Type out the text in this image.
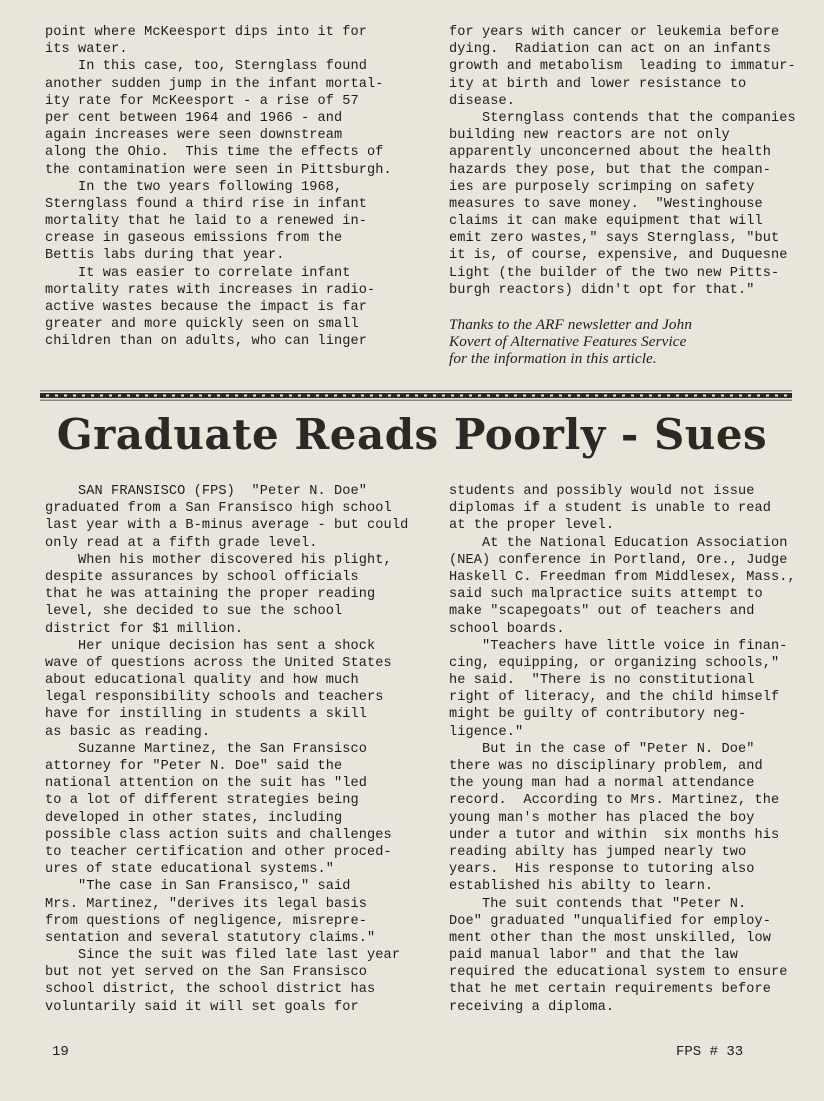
point where McKeesport dips into it for
its water.
In this case, too, Sternglass found
another sudden jump in the infant mortal-
ity rate for McKeesport - a rise of 57
per cent between 1964 and 1966 - and
again increases were seen downstream
along the Ohio.  This time the effects of
the contamination were seen in Pittsburgh.
In the two years following 1968,
Sternglass found a third rise in infant
mortality that he laid to a renewed in-
crease in gaseous emissions from the
Bettis labs during that year.
It was easier to correlate infant
mortality rates with increases in radio-
active wastes because the impact is far
greater and more quickly seen on small
children than on adults, who can linger
for years with cancer or leukemia before
dying.  Radiation can act on an infants
growth and metabolism  leading to immatur-
ity at birth and lower resistance to
disease.
Sternglass contends that the companies
building new reactors are not only
apparently unconcerned about the health
hazards they pose, but that the compan-
ies are purposely scrimping on safety
measures to save money.  "Westinghouse
claims it can make equipment that will
emit zero wastes," says Sternglass, "but
it is, of course, expensive, and Duquesne
Light (the builder of the two new Pitts-
burgh reactors) didn't opt for that."
Thanks to the ARF newsletter and John
Kovert of Alternative Features Service
for the information in this article.
Graduate Reads Poorly - Sues
SAN FRANSISCO (FPS)  "Peter N. Doe"
graduated from a San Fransisco high school
last year with a B-minus average - but could
only read at a fifth grade level.
When his mother discovered his plight,
despite assurances by school officials
that he was attaining the proper reading
level, she decided to sue the school
district for $1 million.
Her unique decision has sent a shock
wave of questions across the United States
about educational quality and how much
legal responsibility schools and teachers
have for instilling in students a skill
as basic as reading.
Suzanne Martinez, the San Fransisco
attorney for "Peter N. Doe" said the
national attention on the suit has "led
to a lot of different strategies being
developed in other states, including
possible class action suits and challenges
to teacher certification and other proced-
ures of state educational systems."
"The case in San Fransisco," said
Mrs. Martinez, "derives its legal basis
from questions of negligence, misrepre-
sentation and several statutory claims."
Since the suit was filed late last year
but not yet served on the San Fransisco
school district, the school district has
voluntarily said it will set goals for
students and possibly would not issue
diplomas if a student is unable to read
at the proper level.
At the National Education Association
(NEA) conference in Portland, Ore., Judge
Haskell C. Freedman from Middlesex, Mass.,
said such malpractice suits attempt to
make "scapegoats" out of teachers and
school boards.
"Teachers have little voice in finan-
cing, equipping, or organizing schools,"
he said.  "There is no constitutional
right of literacy, and the child himself
might be guilty of contributory neg-
ligence."
But in the case of "Peter N. Doe"
there was no disciplinary problem, and
the young man had a normal attendance
record.  According to Mrs. Martinez, the
young man's mother has placed the boy
under a tutor and within  six months his
reading abilty has jumped nearly two
years.  His response to tutoring also
established his abilty to learn.
The suit contends that "Peter N.
Doe" graduated "unqualified for employ-
ment other than the most unskilled, low
paid manual labor" and that the law
required the educational system to ensure
that he met certain requirements before
receiving a diploma.
19	FPS # 33
